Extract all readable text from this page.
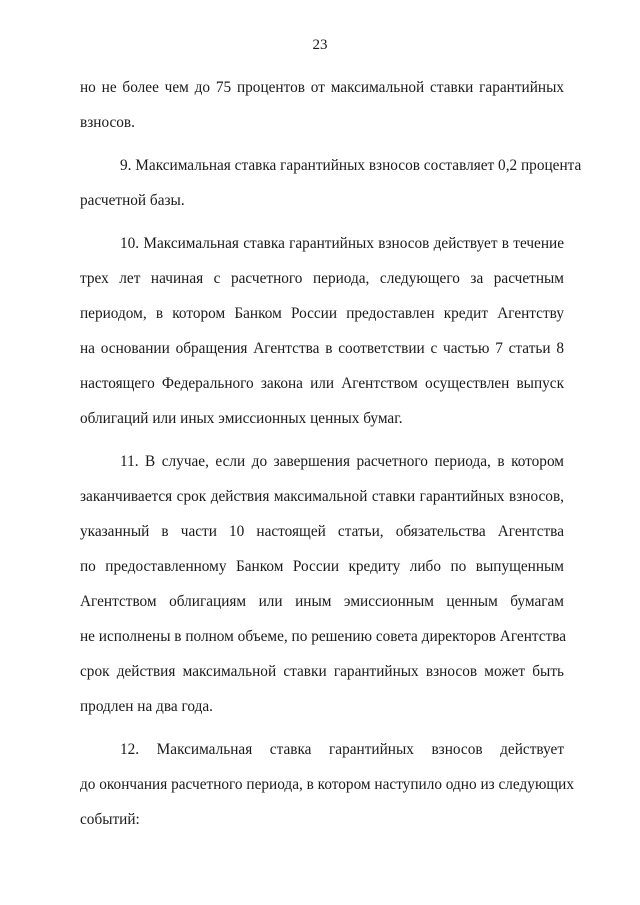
23
но не более чем до 75 процентов от максимальной ставки гарантийных
взносов.
9. Максимальная ставка гарантийных взносов составляет 0,2 процента
расчетной базы.
10. Максимальная ставка гарантийных взносов действует в течение
трех лет начиная с расчетного периода, следующего за расчетным
периодом, в котором Банком России предоставлен кредит Агентству
на основании обращения Агентства в соответствии с частью 7 статьи 8
настоящего Федерального закона или Агентством осуществлен выпуск
облигаций или иных эмиссионных ценных бумаг.
11. В случае, если до завершения расчетного периода, в котором
заканчивается срок действия максимальной ставки гарантийных взносов,
указанный в части 10 настоящей статьи, обязательства Агентства
по предоставленному Банком России кредиту либо по выпущенным
Агентством облигациям или иным эмиссионным ценным бумагам
не исполнены в полном объеме, по решению совета директоров Агентства
срок действия максимальной ставки гарантийных взносов может быть
продлен на два года.
12. Максимальная ставка гарантийных взносов действует
до окончания расчетного периода, в котором наступило одно из следующих
событий:
